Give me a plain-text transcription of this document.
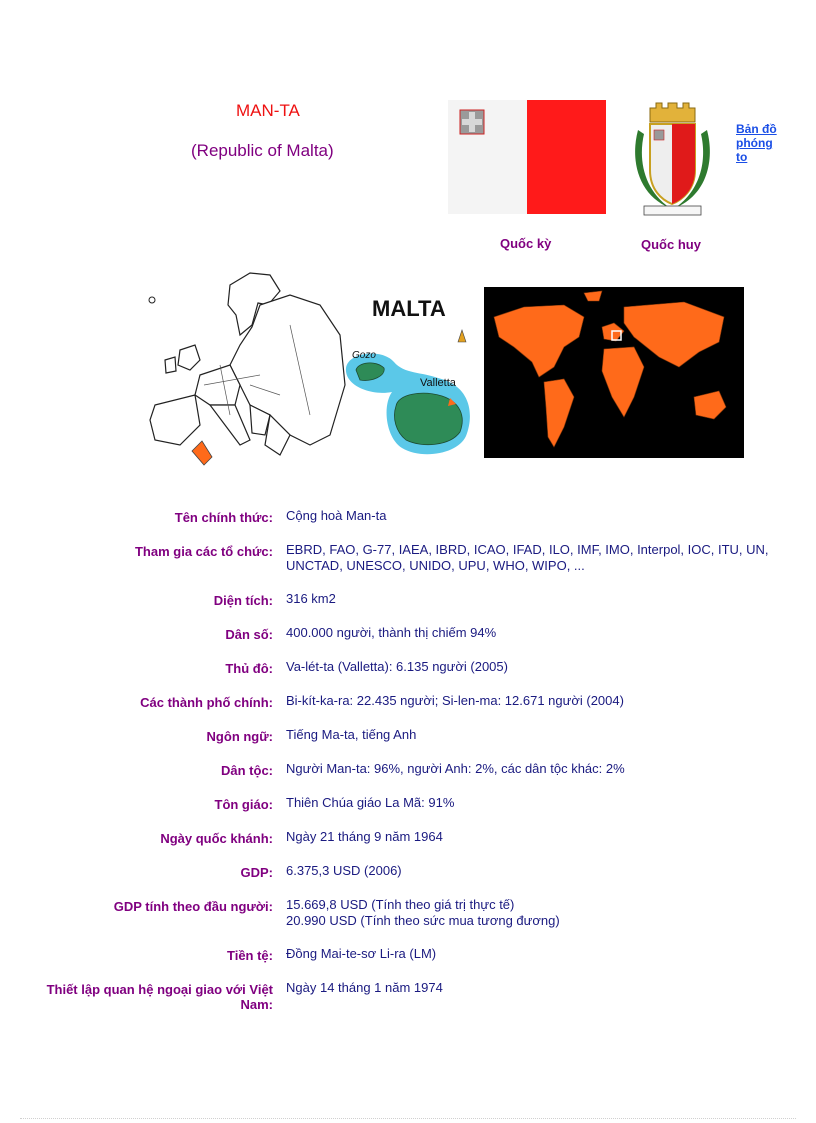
MAN-TA
(Republic of Malta)
Quốc kỳ	Quốc huy
Bản đồ phóng to
MALTA
Gozo
Valletta
Tên chính thức:	Cộng hoà Man-ta
Tham gia các tổ chức:	EBRD, FAO, G-77, IAEA, IBRD, ICAO, IFAD, ILO, IMF, IMO, Interpol, IOC, ITU, UN, UNCTAD, UNESCO, UNIDO, UPU, WHO, WIPO, ...
Diện tích:	316 km2
Dân số:	400.000 người, thành thị chiếm 94%
Thủ đô:	Va-lét-ta (Valletta): 6.135 người (2005)
Các thành phố chính:	Bi-kít-ka-ra: 22.435 người; Si-len-ma: 12.671 người (2004)
Ngôn ngữ:	Tiếng Ma-ta, tiếng Anh
Dân tộc:	Người Man-ta: 96%, người Anh: 2%, các dân tộc khác: 2%
Tôn giáo:	Thiên Chúa giáo La Mã: 91%
Ngày quốc khánh:	Ngày 21 tháng 9 năm 1964
GDP:	6.375,3 USD (2006)
GDP tính theo đầu người:	15.669,8 USD (Tính theo giá trị thực tế)
20.990 USD (Tính theo sức mua tương đương)

Tiền tệ:	Đồng Mai-te-sơ Li-ra (LM)
Thiết lập quan hệ ngoại giao với Việt Nam:	Ngày 14 tháng 1 năm 1974
